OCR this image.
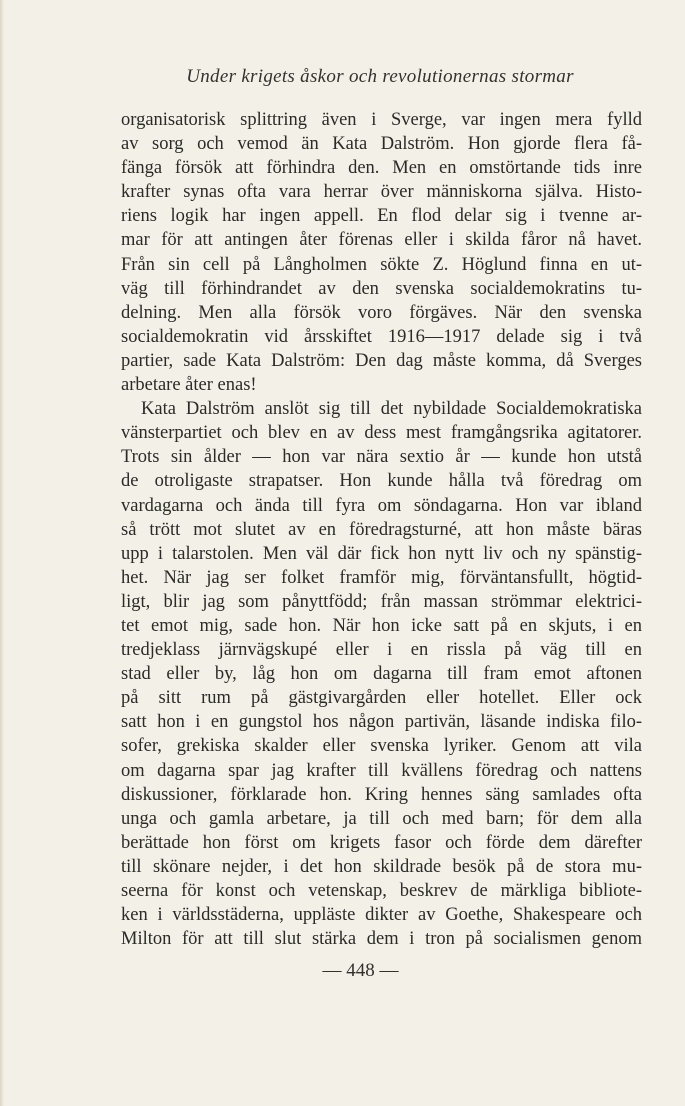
Under krigets åskor och revolutionernas stormar
organisatorisk splittring även i Sverge, var ingen mera fylld
av sorg och vemod än Kata Dalström. Hon gjorde flera få-
fänga försök att förhindra den. Men en omstörtande tids inre
krafter synas ofta vara herrar över människorna själva. Histo-
riens logik har ingen appell. En flod delar sig i tvenne ar-
mar för att antingen åter förenas eller i skilda fåror nå havet.
Från sin cell på Långholmen sökte Z. Höglund finna en ut-
väg till förhindrandet av den svenska socialdemokratins tu-
delning. Men alla försök voro förgäves. När den svenska
socialdemokratin vid årsskiftet 1916—1917 delade sig i två
partier, sade Kata Dalström: Den dag måste komma, då Sverges
arbetare åter enas!
Kata Dalström anslöt sig till det nybildade Socialdemokratiska
vänsterpartiet och blev en av dess mest framgångsrika agitatorer.
Trots sin ålder — hon var nära sextio år — kunde hon utstå
de otroligaste strapatser. Hon kunde hålla två föredrag om
vardagarna och ända till fyra om söndagarna. Hon var ibland
så trött mot slutet av en föredragsturné, att hon måste bäras
upp i talarstolen. Men väl där fick hon nytt liv och ny spänstig-
het. När jag ser folket framför mig, förväntansfullt, högtid-
ligt, blir jag som pånyttfödd; från massan strömmar elektrici-
tet emot mig, sade hon. När hon icke satt på en skjuts, i en
tredjeklass järnvägskupé eller i en rissla på väg till en
stad eller by, låg hon om dagarna till fram emot aftonen
på sitt rum på gästgivargården eller hotellet. Eller ock
satt hon i en gungstol hos någon partivän, läsande indiska filo-
sofer, grekiska skalder eller svenska lyriker. Genom att vila
om dagarna spar jag krafter till kvällens föredrag och nattens
diskussioner, förklarade hon. Kring hennes säng samlades ofta
unga och gamla arbetare, ja till och med barn; för dem alla
berättade hon först om krigets fasor och förde dem därefter
till skönare nejder, i det hon skildrade besök på de stora mu-
seerna för konst och vetenskap, beskrev de märkliga bibliote-
ken i världsstäderna, uppläste dikter av Goethe, Shakespeare och
Milton för att till slut stärka dem i tron på socialismen genom
— 448 —
